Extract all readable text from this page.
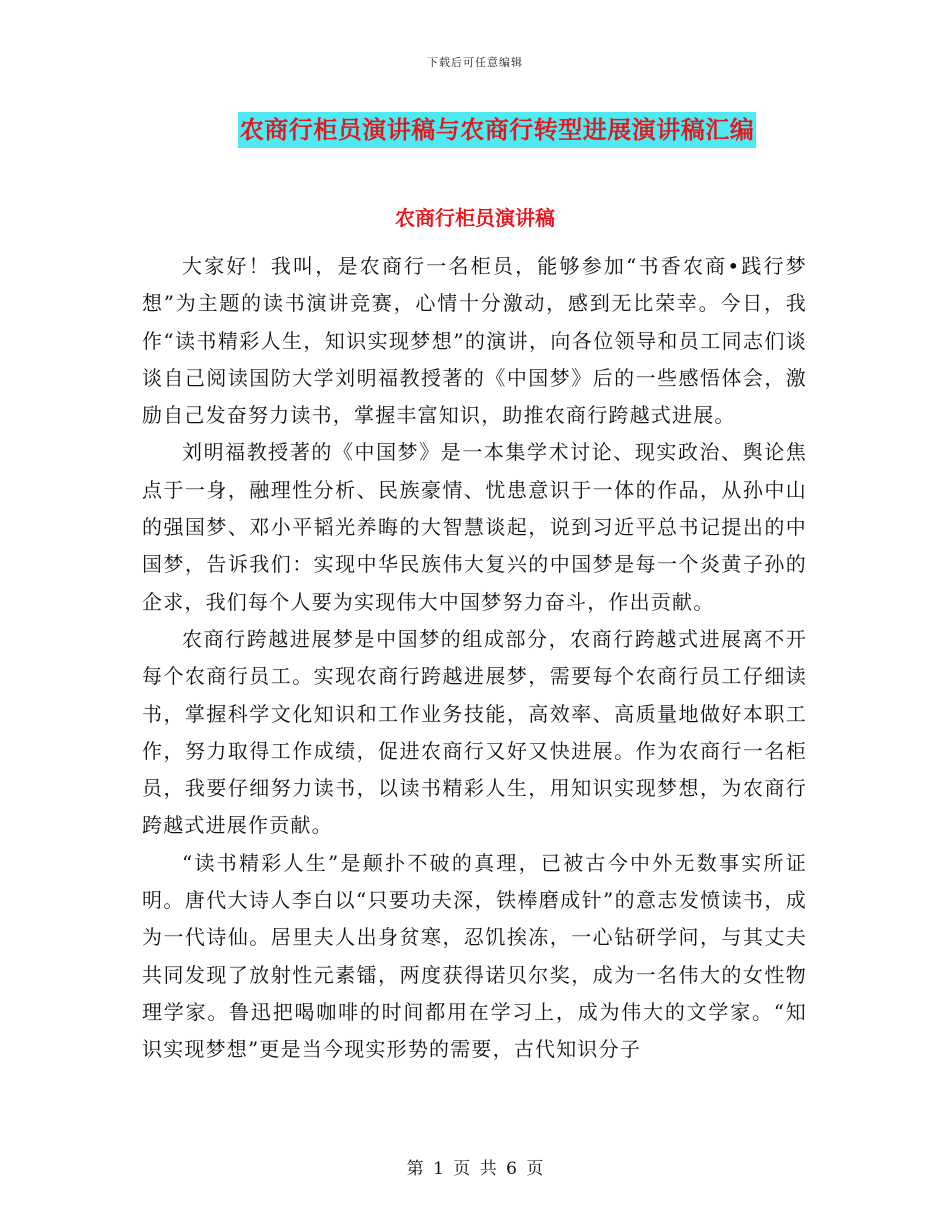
下载后可任意编辑
农商行柜员演讲稿与农商行转型进展演讲稿汇编
农商行柜员演讲稿

大家好！我叫，是农商行一名柜员，能够参加“书香农商•践行梦想”为主题的读书演讲竞赛，心情十分激动，感到无比荣幸。今日，我作“读书精彩人生，知识实现梦想”的演讲，向各位领导和员工同志们谈谈自己阅读国防大学刘明福教授著的《中国梦》后的一些感悟体会，激励自己发奋努力读书，掌握丰富知识，助推农商行跨越式进展。

刘明福教授著的《中国梦》是一本集学术讨论、现实政治、舆论焦点于一身，融理性分析、民族豪情、忧患意识于一体的作品，从孙中山的强国梦、邓小平韬光养晦的大智慧谈起，说到习近平总书记提出的中国梦，告诉我们：实现中华民族伟大复兴的中国梦是每一个炎黄子孙的企求，我们每个人要为实现伟大中国梦努力奋斗，作出贡献。

农商行跨越进展梦是中国梦的组成部分，农商行跨越式进展离不开每个农商行员工。实现农商行跨越进展梦，需要每个农商行员工仔细读书，掌握科学文化知识和工作业务技能，高效率、高质量地做好本职工作，努力取得工作成绩，促进农商行又好又快进展。作为农商行一名柜员，我要仔细努力读书，以读书精彩人生，用知识实现梦想，为农商行跨越式进展作贡献。

“读书精彩人生”是颠扑不破的真理，已被古今中外无数事实所证明。唐代大诗人李白以“只要功夫深，铁棒磨成针”的意志发愤读书，成为一代诗仙。居里夫人出身贫寒，忍饥挨冻，一心钻研学问，与其丈夫共同发现了放射性元素镭，两度获得诺贝尔奖，成为一名伟大的女性物理学家。鲁迅把喝咖啡的时间都用在学习上，成为伟大的文学家。“知识实现梦想”更是当今现实形势的需要，古代知识分子

第 1 页 共 6 页
